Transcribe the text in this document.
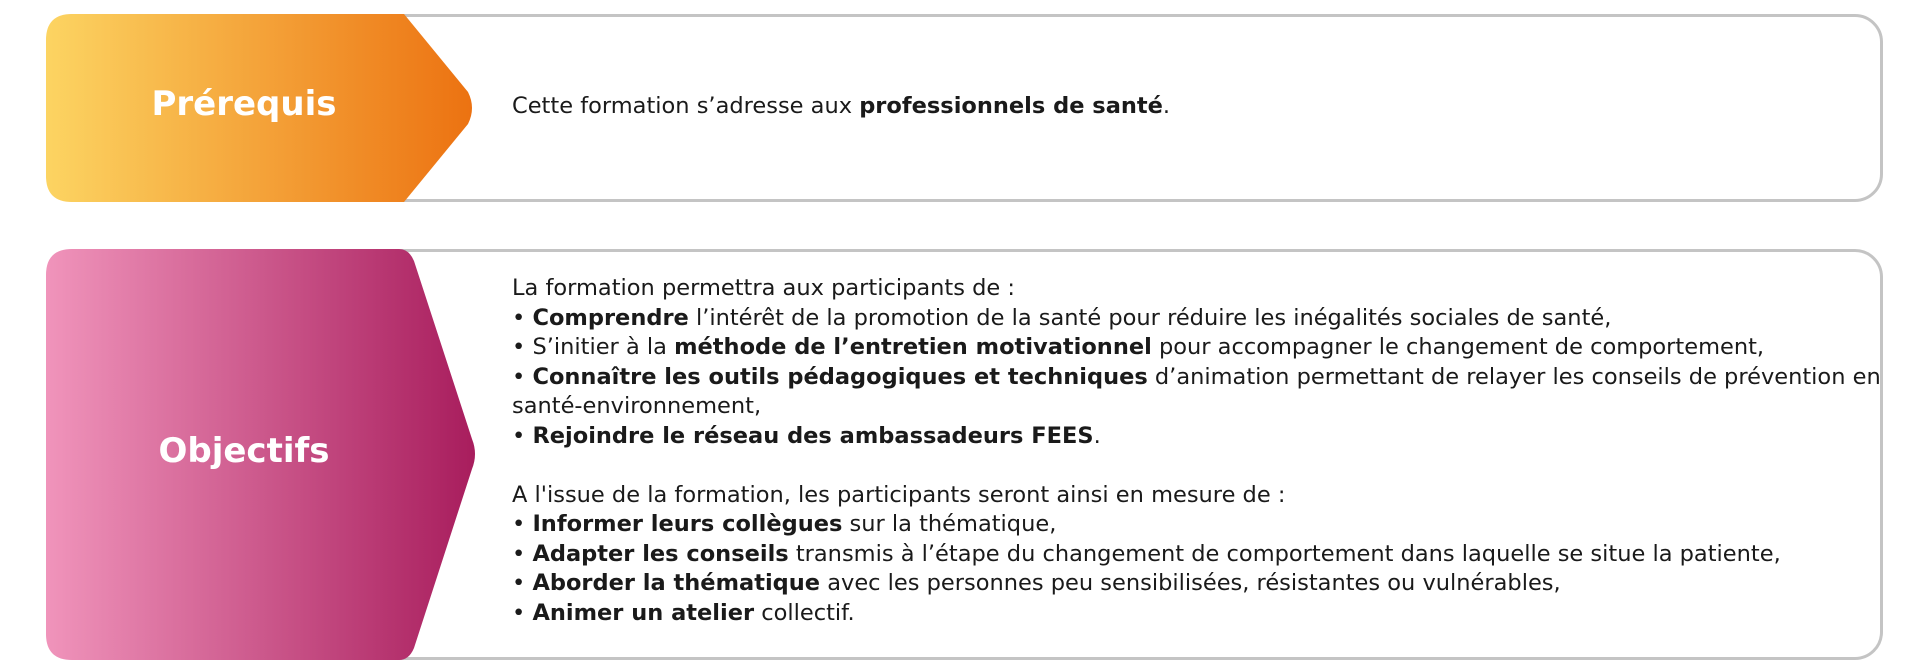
Prérequis	Cette formation s’adresse aux professionnels de santé.
Objectifs
La formation permettra aux participants de :
• Comprendre l’intérêt de la promotion de la santé pour réduire les inégalités sociales de santé,
• S’initier à la méthode de l’entretien motivationnel pour accompagner le changement de comportement,
• Connaître les outils pédagogiques et techniques d’animation permettant de relayer les conseils de prévention en
santé-environnement,
• Rejoindre le réseau des ambassadeurs FEES.
A l'issue de la formation, les participants seront ainsi en mesure de :
• Informer leurs collègues sur la thématique,
• Adapter les conseils transmis à l’étape du changement de comportement dans laquelle se situe la patiente,
• Aborder la thématique avec les personnes peu sensibilisées, résistantes ou vulnérables,
• Animer un atelier collectif.
